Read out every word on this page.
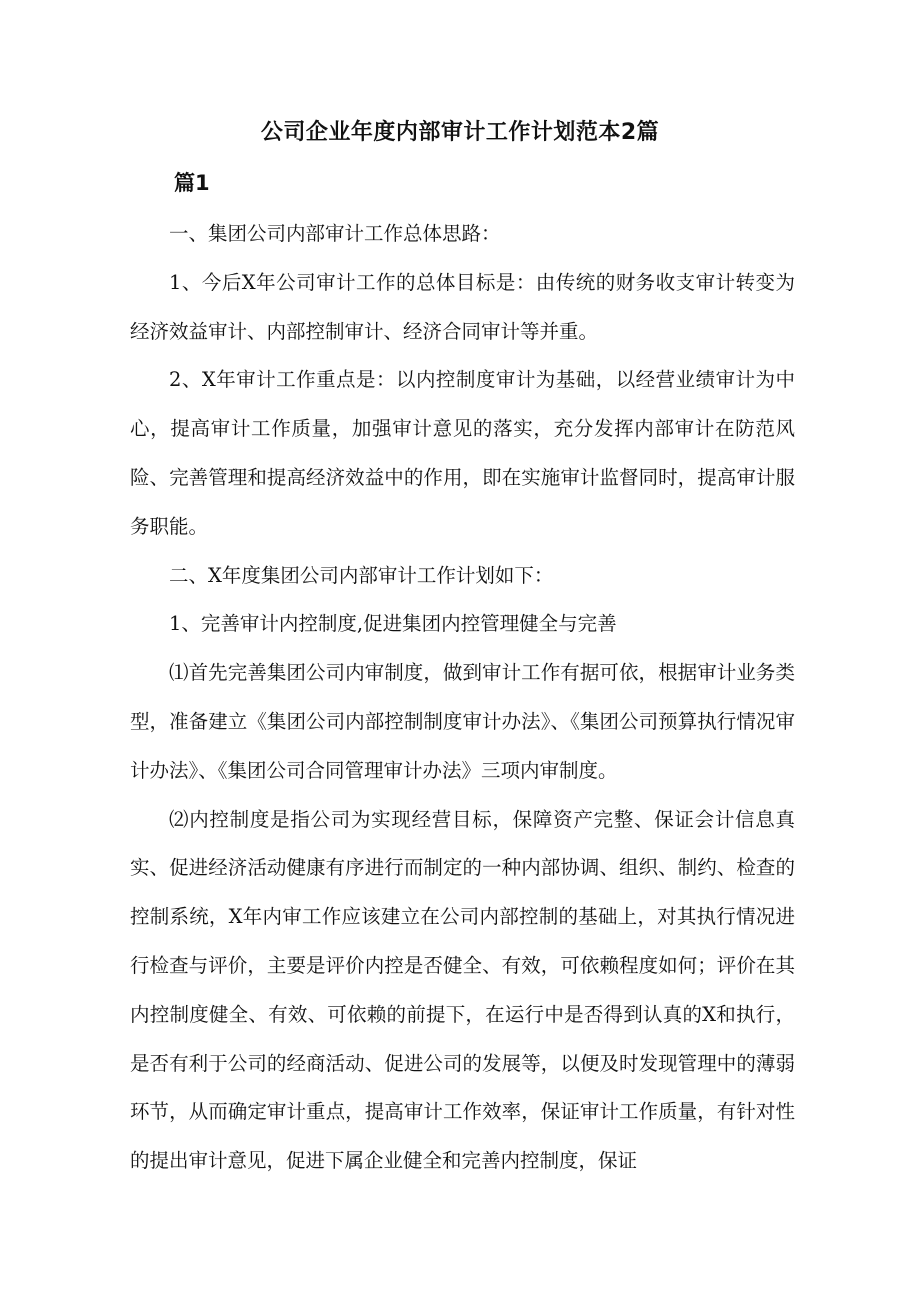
公司企业年度内部审计工作计划范本2篇
篇1

一、集团公司内部审计工作总体思路：

1、今后X年公司审计工作的总体目标是：由传统的财务收支审计转变为经济效益审计、内部控制审计、经济合同审计等并重。

2、X年审计工作重点是：以内控制度审计为基础，以经营业绩审计为中心，提高审计工作质量，加强审计意见的落实，充分发挥内部审计在防范风险、完善管理和提高经济效益中的作用，即在实施审计监督同时，提高审计服务职能。

二、X年度集团公司内部审计工作计划如下：

1、完善审计内控制度,促进集团内控管理健全与完善

⑴首先完善集团公司内审制度，做到审计工作有据可依，根据审计业务类型，准备建立《集团公司内部控制制度审计办法》、《集团公司预算执行情况审计办法》、《集团公司合同管理审计办法》三项内审制度。

⑵内控制度是指公司为实现经营目标，保障资产完整、保证会计信息真实、促进经济活动健康有序进行而制定的一种内部协调、组织、制约、检查的控制系统，X年内审工作应该建立在公司内部控制的基础上，对其执行情况进行检查与评价，主要是评价内控是否健全、有效，可依赖程度如何；评价在其内控制度健全、有效、可依赖的前提下，在运行中是否得到认真的X和执行，是否有利于公司的经商活动、促进公司的发展等，以便及时发现管理中的薄弱环节，从而确定审计重点，提高审计工作效率，保证审计工作质量，有针对性的提出审计意见，促进下属企业健全和完善内控制度，保证
